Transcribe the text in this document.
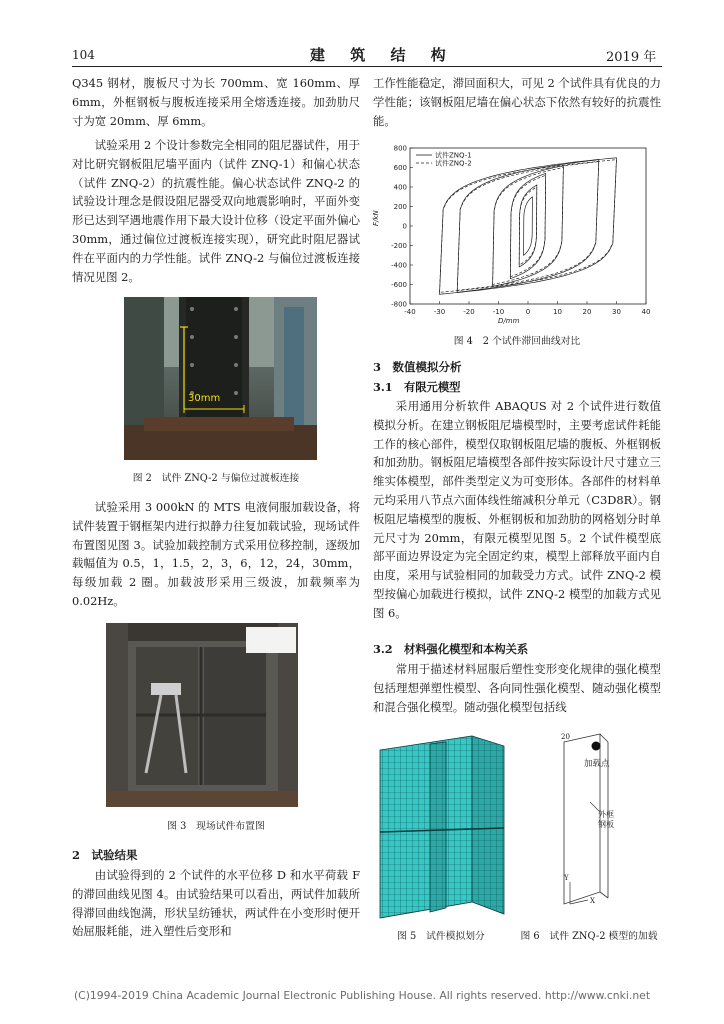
104	建 筑 结 构	2019 年

Q345 钢材，腹板尺寸为长 700mm、宽 160mm、厚 6mm，外框钢板与腹板连接采用全熔透连接。加劲肋尺寸为宽 20mm、厚 6mm。

试验采用 2 个设计参数完全相同的阻尼器试件，用于对比研究钢板阻尼墙平面内（试件 ZNQ-1）和偏心状态（试件 ZNQ-2）的抗震性能。偏心状态试件 ZNQ-2 的试验设计理念是假设阻尼器受双向地震影响时，平面外变形已达到罕遇地震作用下最大设计位移（设定平面外偏心 30mm，通过偏位过渡板连接实现），研究此时阻尼器试件在平面内的力学性能。试件 ZNQ-2 与偏位过渡板连接情况见图 2。

30mm
图 2　试件 ZNQ-2 与偏位过渡板连接

试验采用 3 000kN 的 MTS 电液伺服加载设备，将试件装置于钢框架内进行拟静力往复加载试验，现场试件布置图见图 3。试验加载控制方式采用位移控制，逐级加载幅值为 0.5，1，1.5，2，3，6，12，24，30mm，每级加载 2 圈。加载波形采用三级波，加载频率为 0.02Hz。

图 3　现场试件布置图
2　试验结果

由试验得到的 2 个试件的水平位移 D 和水平荷载 F 的滞回曲线见图 4。由试验结果可以看出，两试件加载所得滞回曲线饱满，形状呈纺锤状，两试件在小变形时便开始屈服耗能，进入塑性后变形和

工作性能稳定，滞回面积大，可见 2 个试件具有优良的力学性能；该钢板阻尼墙在偏心状态下依然有较好的抗震性能。

-40	-30	-20	-10	0	10	20	30	40
-800
-600
-400
-200
0
200
400
600
800
D/mm
F/kN
试件ZNQ-1
试件ZNQ-2
图 4　2 个试件滞回曲线对比
3　数值模拟分析
3.1　有限元模型

采用通用分析软件 ABAQUS 对 2 个试件进行数值模拟分析。在建立钢板阻尼墙模型时，主要考虑试件耗能工作的核心部件，模型仅取钢板阻尼墙的腹板、外框钢板和加劲肋。钢板阻尼墙模型各部件按实际设计尺寸建立三维实体模型，部件类型定义为可变形体。各部件的材料单元均采用八节点六面体线性缩减积分单元（C3D8R）。钢板阻尼墙模型的腹板、外框钢板和加劲肋的网格划分时单元尺寸为 20mm，有限元模型见图 5。2 个试件模型底部平面边界设定为完全固定约束，模型上部释放平面内自由度，采用与试验相同的加载受力方式。试件 ZNQ-2 模型按偏心加载进行模拟，试件 ZNQ-2 模型的加载方式见图 6。

3.2　材料强化模型和本构关系

常用于描述材料屈服后塑性变形变化规律的强化模型包括理想弹塑性模型、各向同性强化模型、随动强化模型和混合强化模型。随动强化模型包括线

图 5　试件模拟划分
加载点
外框
钢板
20
Y
X
图 6　试件 ZNQ-2 模型的加载
(C)1994-2019 China Academic Journal Electronic Publishing House. All rights reserved. http://www.cnki.net
